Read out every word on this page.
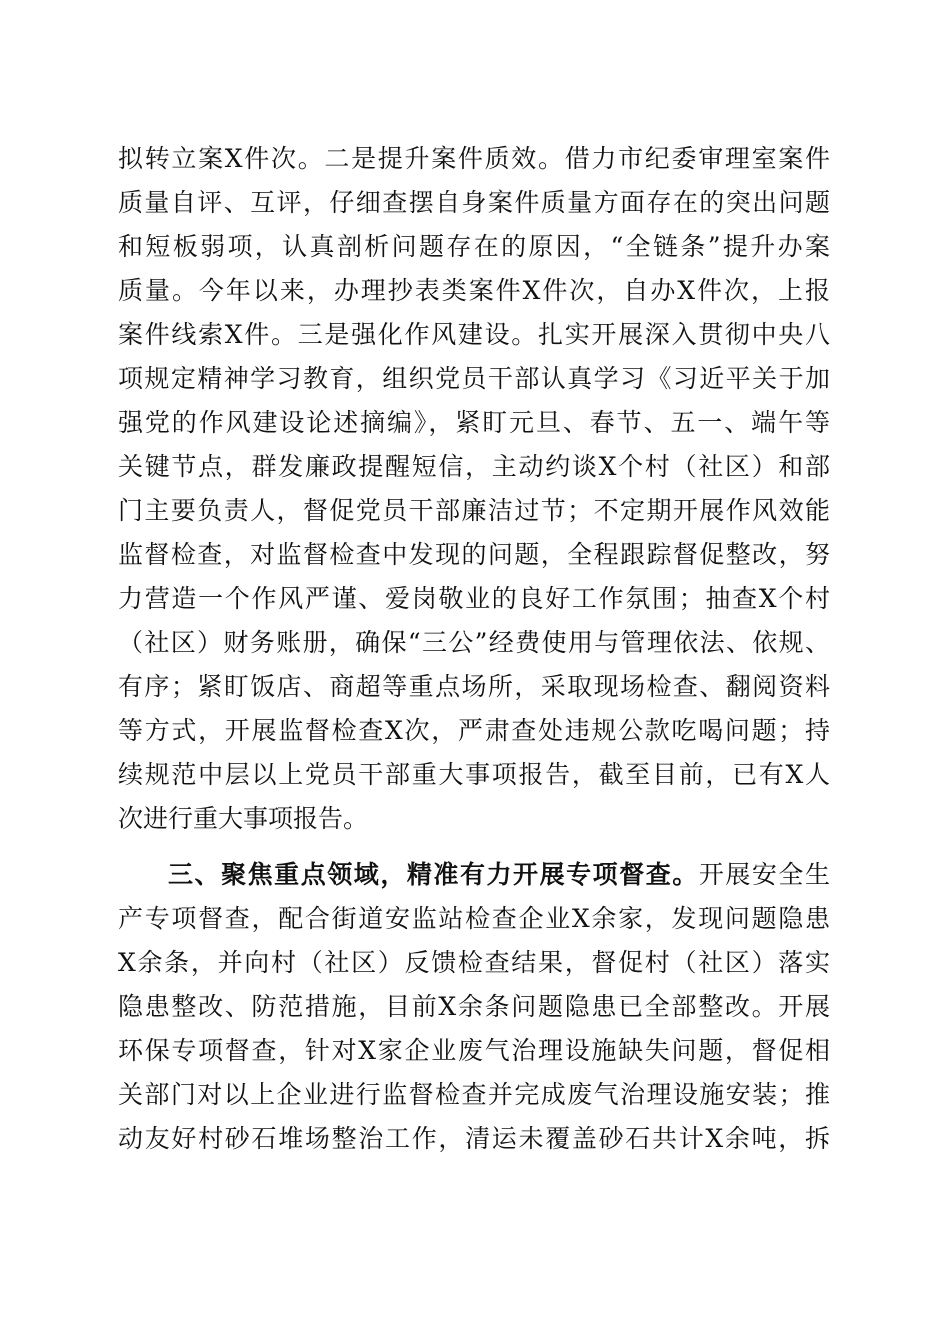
拟转立案X件次。二是提升案件质效。借力市纪委审理室案件
质量自评、互评，仔细查摆自身案件质量方面存在的突出问题
和短板弱项，认真剖析问题存在的原因，“全链条”提升办案
质量。今年以来，办理抄表类案件X件次，自办X件次，上报
案件线索X件。三是强化作风建设。扎实开展深入贯彻中央八
项规定精神学习教育，组织党员干部认真学习《习近平关于加
强党的作风建设论述摘编》，紧盯元旦、春节、五一、端午等
关键节点，群发廉政提醒短信，主动约谈X个村（社区）和部
门主要负责人，督促党员干部廉洁过节；不定期开展作风效能
监督检查，对监督检查中发现的问题，全程跟踪督促整改，努
力营造一个作风严谨、爱岗敬业的良好工作氛围；抽查X个村
（社区）财务账册，确保“三公”经费使用与管理依法、依规、
有序；紧盯饭店、商超等重点场所，采取现场检查、翻阅资料
等方式，开展监督检查X次，严肃查处违规公款吃喝问题；持
续规范中层以上党员干部重大事项报告，截至目前，已有X人
次进行重大事项报告。
三、聚焦重点领域，精准有力开展专项督查。开展安全生
产专项督查，配合街道安监站检查企业X余家，发现问题隐患
X余条，并向村（社区）反馈检查结果，督促村（社区）落实
隐患整改、防范措施，目前X余条问题隐患已全部整改。开展
环保专项督查，针对X家企业废气治理设施缺失问题，督促相
关部门对以上企业进行监督检查并完成废气治理设施安装；推
动友好村砂石堆场整治工作，清运未覆盖砂石共计X余吨，拆
